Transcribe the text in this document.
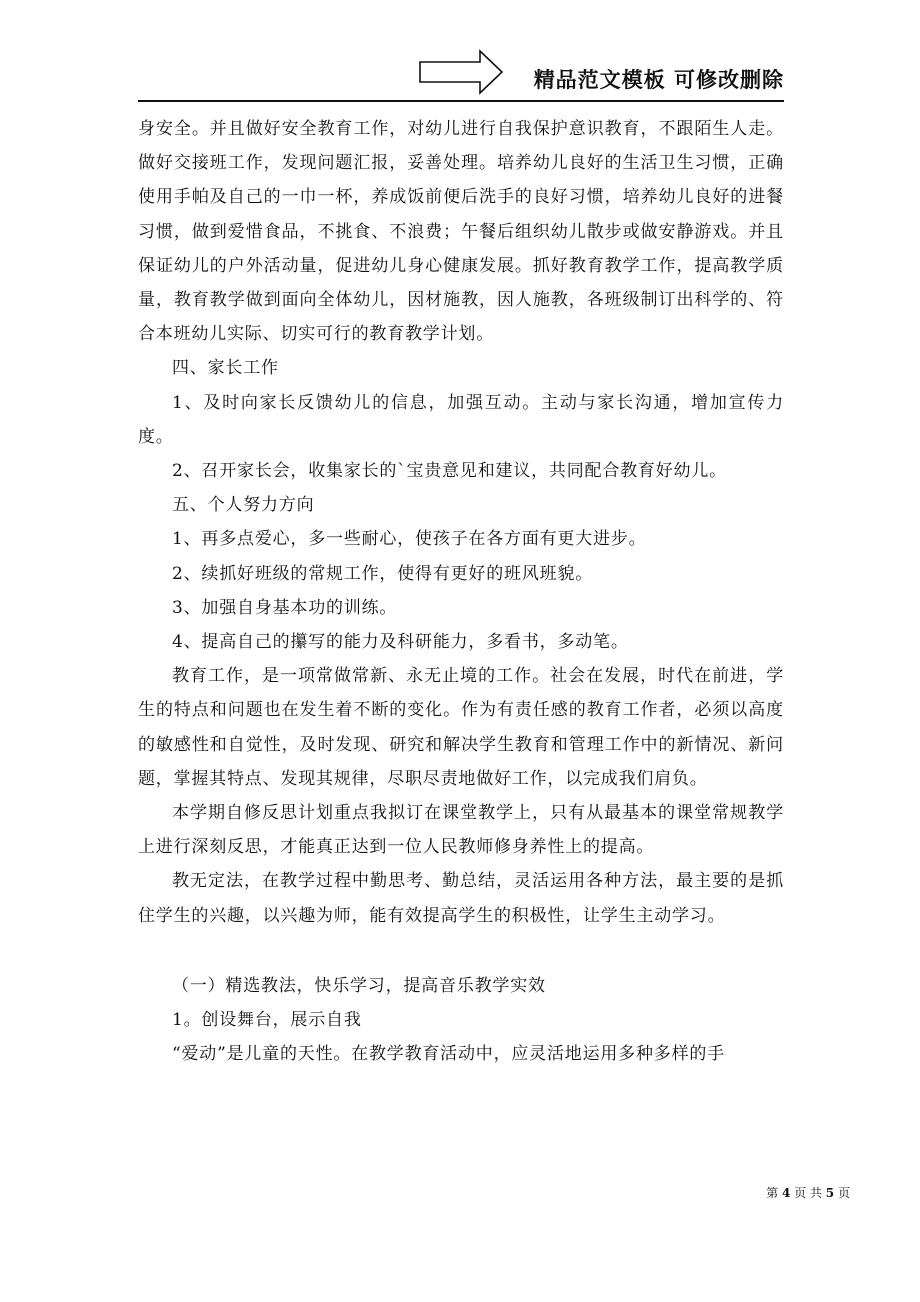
精品范文模板 可修改删除

身安全。并且做好安全教育工作，对幼儿进行自我保护意识教育，不跟陌生人走。做好交接班工作，发现问题汇报，妥善处理。培养幼儿良好的生活卫生习惯，正确使用手帕及自己的一巾一杯，养成饭前便后洗手的良好习惯，培养幼儿良好的进餐习惯，做到爱惜食品，不挑食、不浪费；午餐后组织幼儿散步或做安静游戏。并且保证幼儿的户外活动量，促进幼儿身心健康发展。抓好教育教学工作，提高教学质量，教育教学做到面向全体幼儿，因材施教，因人施教，各班级制订出科学的、符合本班幼儿实际、切实可行的教育教学计划。

四、家长工作

1、及时向家长反馈幼儿的信息，加强互动。主动与家长沟通，增加宣传力度。

2、召开家长会，收集家长的`宝贵意见和建议，共同配合教育好幼儿。

五、个人努力方向

1、再多点爱心，多一些耐心，使孩子在各方面有更大进步。

2、续抓好班级的常规工作，使得有更好的班风班貌。

3、加强自身基本功的训练。

4、提高自己的攥写的能力及科研能力，多看书，多动笔。

教育工作，是一项常做常新、永无止境的工作。社会在发展，时代在前进，学生的特点和问题也在发生着不断的变化。作为有责任感的教育工作者，必须以高度的敏感性和自觉性，及时发现、研究和解决学生教育和管理工作中的新情况、新问题，掌握其特点、发现其规律，尽职尽责地做好工作，以完成我们肩负。

本学期自修反思计划重点我拟订在课堂教学上，只有从最基本的课堂常规教学上进行深刻反思，才能真正达到一位人民教师修身养性上的提高。

教无定法，在教学过程中勤思考、勤总结，灵活运用各种方法，最主要的是抓住学生的兴趣，以兴趣为师，能有效提高学生的积极性，让学生主动学习。

（一）精选教法，快乐学习，提高音乐教学实效

1。创设舞台，展示自我

“爱动”是儿童的天性。在教学教育活动中，应灵活地运用多种多样的手

第 4 页 共 5 页
